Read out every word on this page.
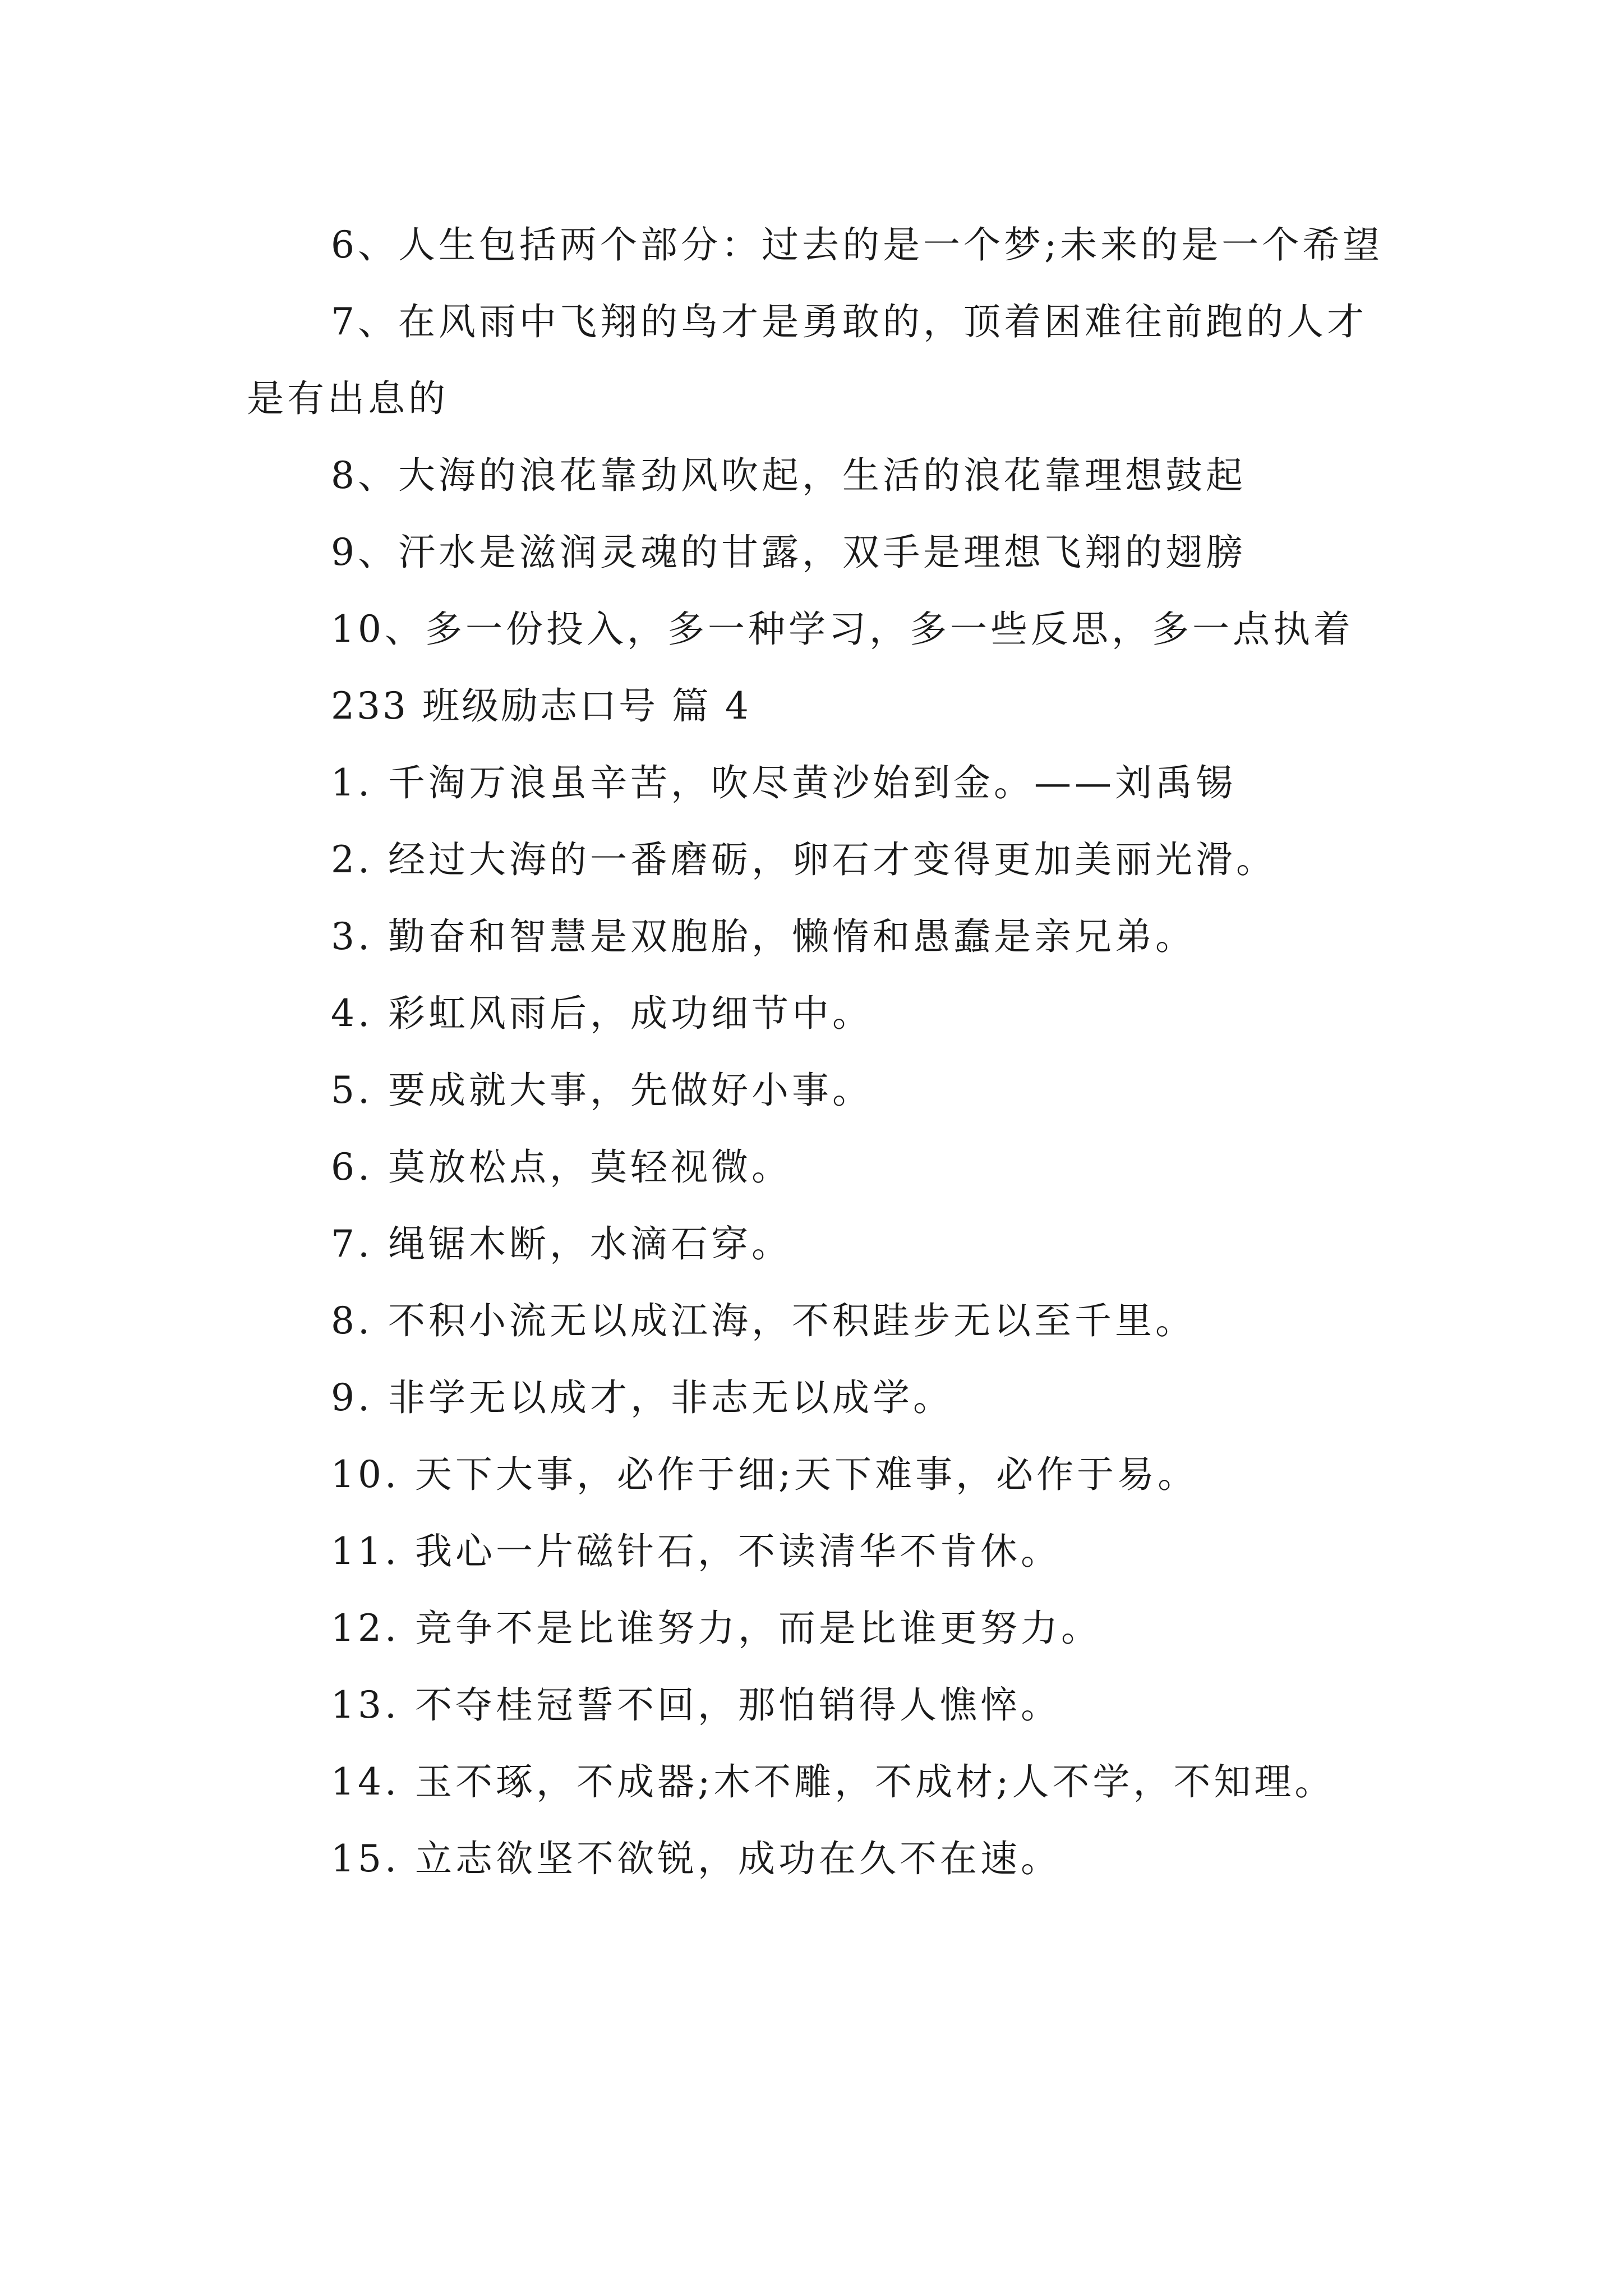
6、人生包括两个部分：过去的是一个梦;未来的是一个希望

7、在风雨中飞翔的鸟才是勇敢的，顶着困难往前跑的人才是有出息的

8、大海的浪花靠劲风吹起，生活的浪花靠理想鼓起

9、汗水是滋润灵魂的甘露，双手是理想飞翔的翅膀

10、多一份投入，多一种学习，多一些反思，多一点执着

233 班级励志口号 篇 4

1. 千淘万浪虽辛苦，吹尽黄沙始到金。——刘禹锡

2. 经过大海的一番磨砺，卵石才变得更加美丽光滑。

3. 勤奋和智慧是双胞胎，懒惰和愚蠢是亲兄弟。

4. 彩虹风雨后，成功细节中。

5. 要成就大事，先做好小事。

6. 莫放松点，莫轻视微。

7. 绳锯木断，水滴石穿。

8. 不积小流无以成江海，不积跬步无以至千里。

9. 非学无以成才，非志无以成学。

10. 天下大事，必作于细;天下难事，必作于易。

11. 我心一片磁针石，不读清华不肯休。

12. 竞争不是比谁努力，而是比谁更努力。

13. 不夺桂冠誓不回，那怕销得人憔悴。

14. 玉不琢，不成器;木不雕，不成材;人不学，不知理。

15. 立志欲坚不欲锐，成功在久不在速。
